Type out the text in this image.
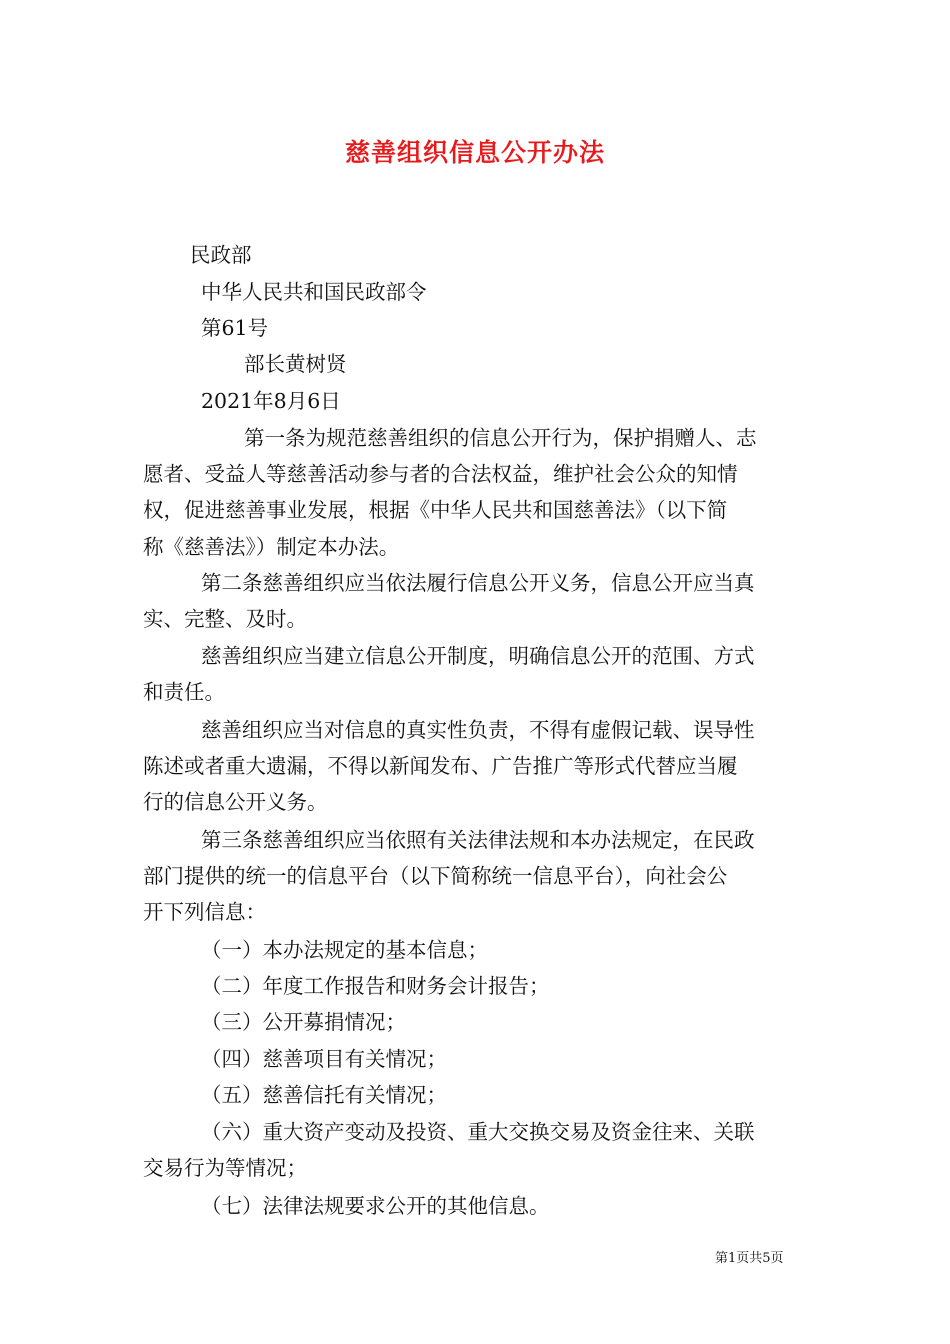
慈善组织信息公开办法
民政部
中华人民共和国民政部令
第61号
部长黄树贤
2021年8月6日
第一条为规范慈善组织的信息公开行为，保护捐赠人、志
愿者、受益人等慈善活动参与者的合法权益，维护社会公众的知情
权，促进慈善事业发展，根据《中华人民共和国慈善法》（以下简
称《慈善法》）制定本办法。
第二条慈善组织应当依法履行信息公开义务，信息公开应当真
实、完整、及时。
慈善组织应当建立信息公开制度，明确信息公开的范围、方式
和责任。
慈善组织应当对信息的真实性负责，不得有虚假记载、误导性
陈述或者重大遗漏，不得以新闻发布、广告推广等形式代替应当履
行的信息公开义务。
第三条慈善组织应当依照有关法律法规和本办法规定，在民政
部门提供的统一的信息平台（以下简称统一信息平台），向社会公
开下列信息：
（一）本办法规定的基本信息；
（二）年度工作报告和财务会计报告；
（三）公开募捐情况；
（四）慈善项目有关情况；
（五）慈善信托有关情况；
（六）重大资产变动及投资、重大交换交易及资金往来、关联
交易行为等情况；
（七）法律法规要求公开的其他信息。
第1页共5页
